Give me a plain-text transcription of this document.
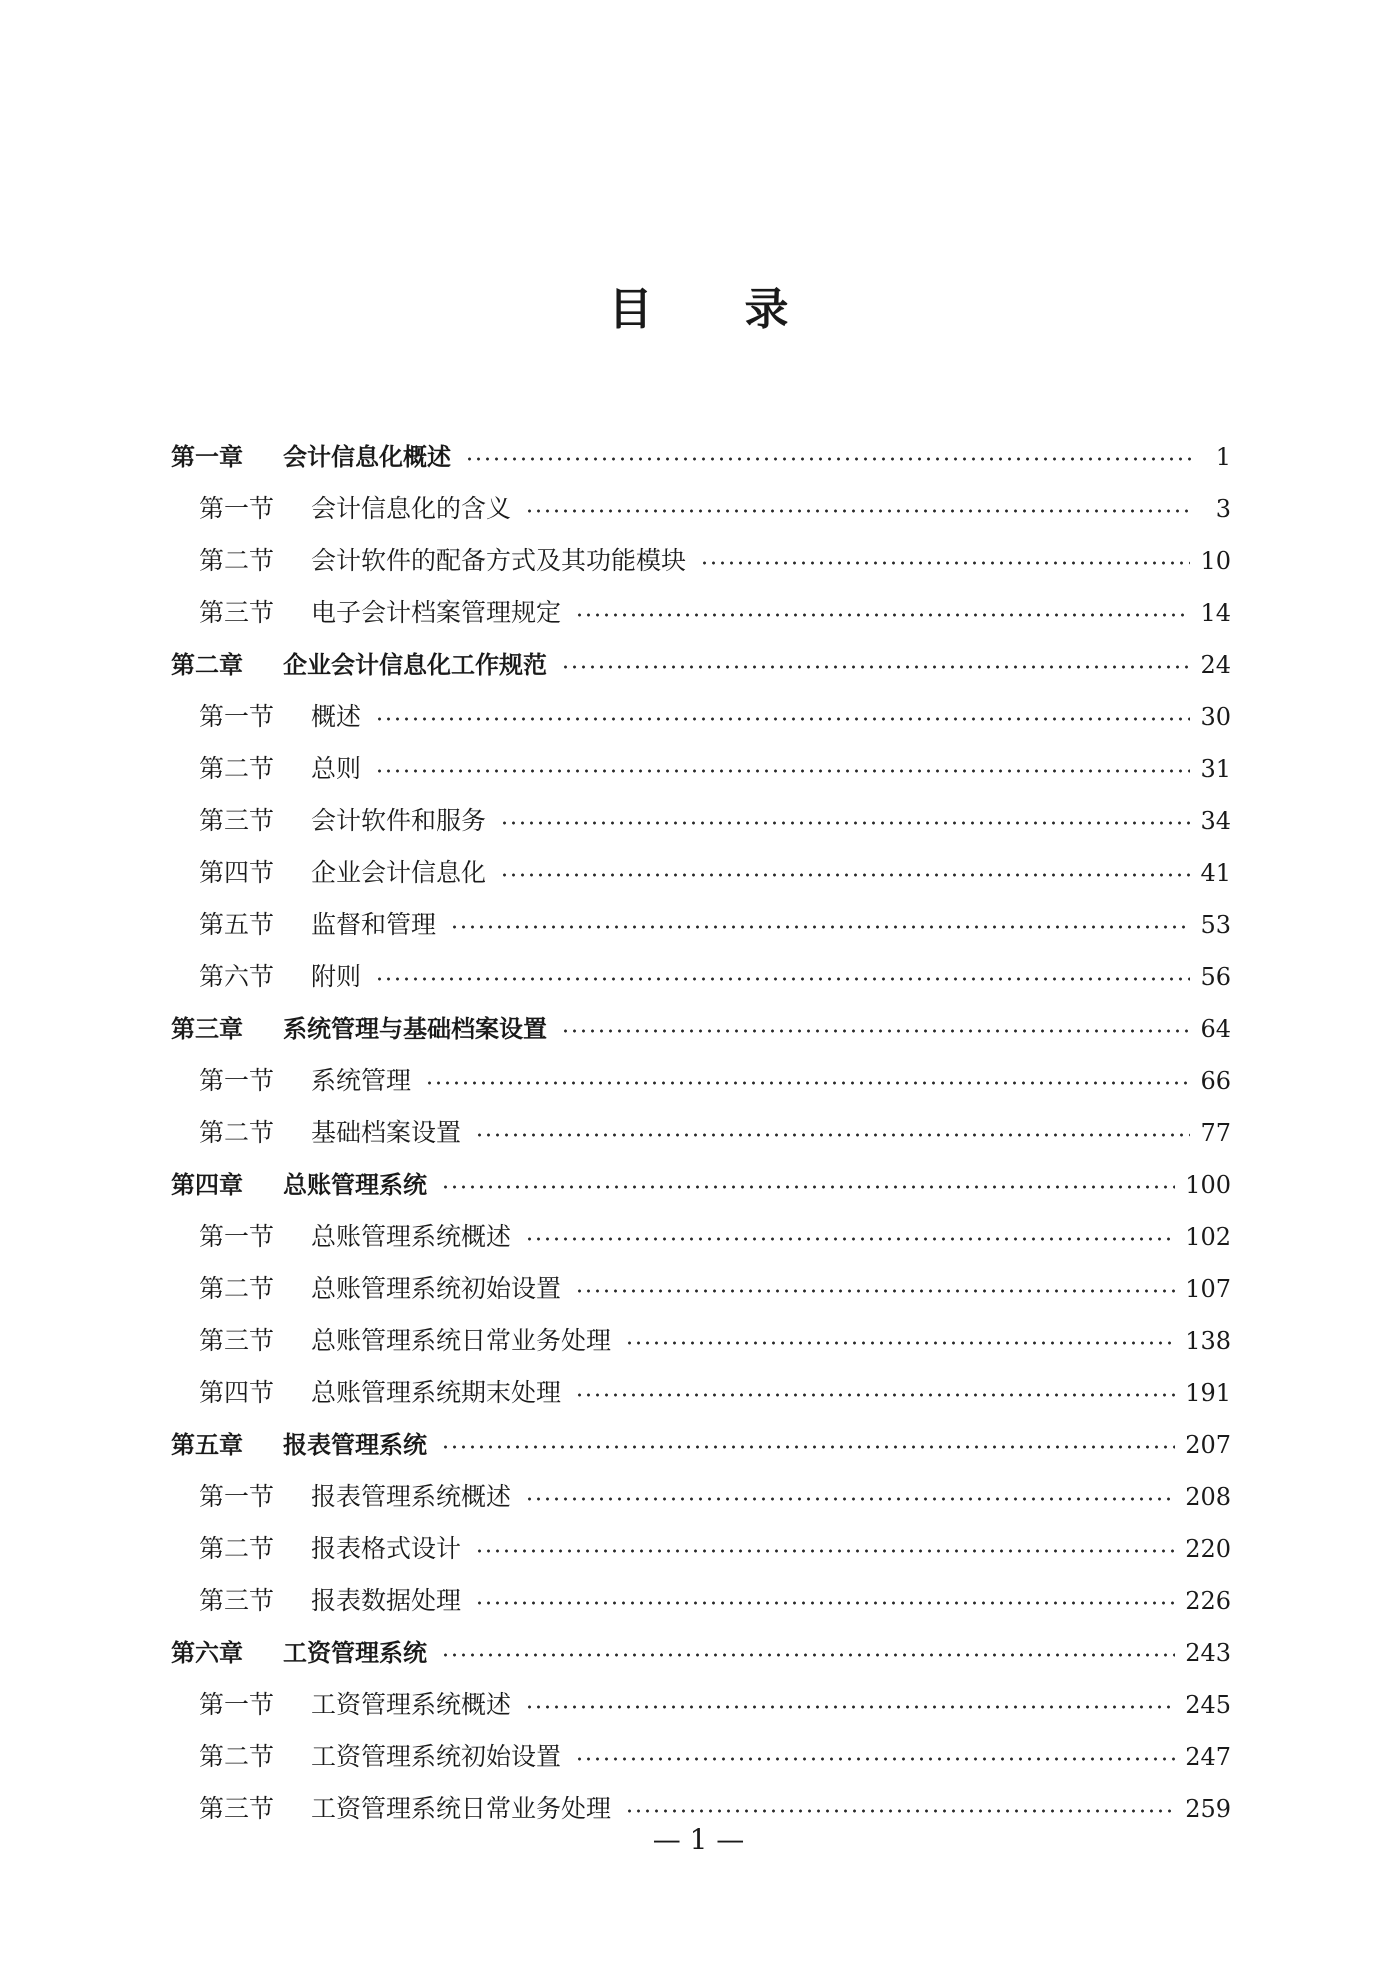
目 录
第一章	会计信息化概述	1
第一节	会计信息化的含义	3
第二节	会计软件的配备方式及其功能模块	10
第三节	电子会计档案管理规定	14
第二章	企业会计信息化工作规范	24
第一节	概述	30
第二节	总则	31
第三节	会计软件和服务	34
第四节	企业会计信息化	41
第五节	监督和管理	53
第六节	附则	56
第三章	系统管理与基础档案设置	64
第一节	系统管理	66
第二节	基础档案设置	77
第四章	总账管理系统	100
第一节	总账管理系统概述	102
第二节	总账管理系统初始设置	107
第三节	总账管理系统日常业务处理	138
第四节	总账管理系统期末处理	191
第五章	报表管理系统	207
第一节	报表管理系统概述	208
第二节	报表格式设计	220
第三节	报表数据处理	226
第六章	工资管理系统	243
第一节	工资管理系统概述	245
第二节	工资管理系统初始设置	247
第三节	工资管理系统日常业务处理	259
— 1 —
